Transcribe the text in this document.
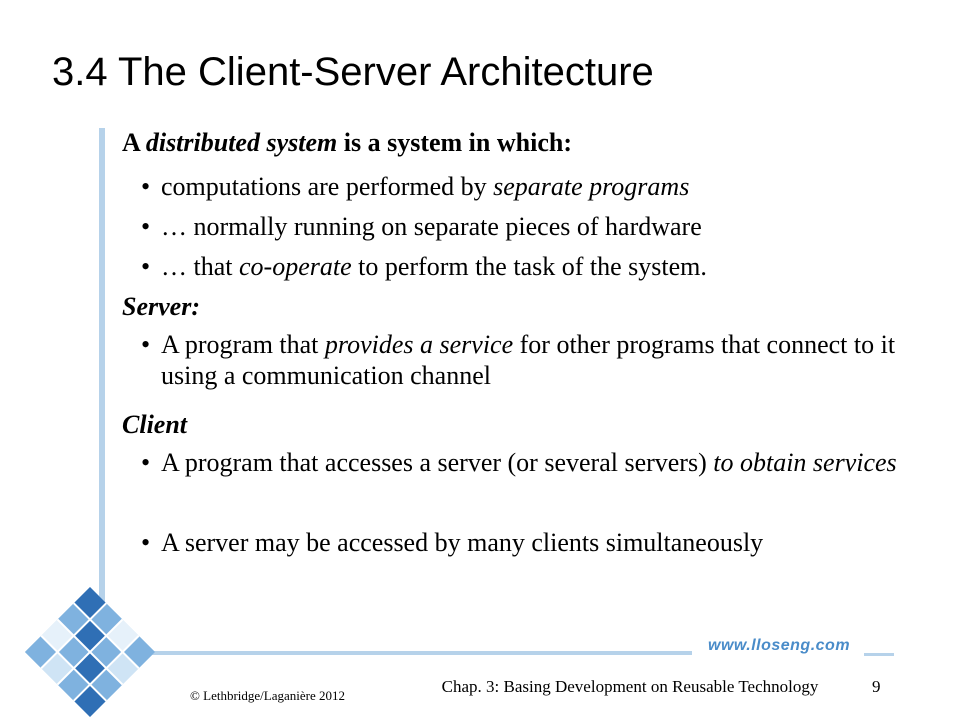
3.4 The Client-Server Architecture

A distributed system is a system in which:

• computations are performed by separate programs

• … normally running on separate pieces of hardware

• … that co-operate to perform the task of the system.

Server:

• A program that provides a service for other programs that connect to it using a communication channel

Client

• A program that accesses a server (or several servers) to obtain services

• A server may be accessed by many clients simultaneously

www.lloseng.com
© Lethbridge/Laganière 2012	Chap. 3: Basing Development on Reusable Technology	9
